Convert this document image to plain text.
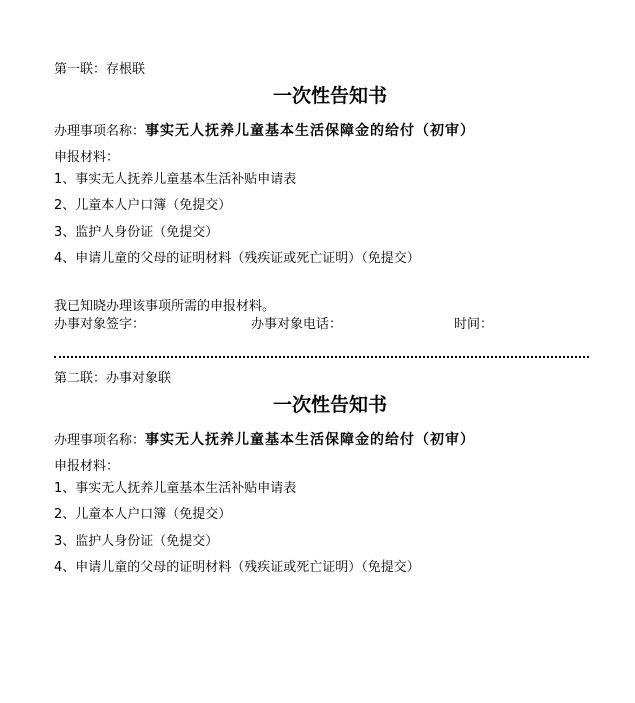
第一联：存根联
一次性告知书
办理事项名称：事实无人抚养儿童基本生活保障金的给付（初审）
申报材料：
1、事实无人抚养儿童基本生活补贴申请表
2、儿童本人户口簿（免提交）
3、监护人身份证（免提交）
4、申请儿童的父母的证明材料（残疾证或死亡证明）（免提交）
我已知晓办理该事项所需的申报材料。
办事对象签字：	办事对象电话：	时间：
第二联：办事对象联
一次性告知书
办理事项名称：事实无人抚养儿童基本生活保障金的给付（初审）
申报材料：
1、事实无人抚养儿童基本生活补贴申请表
2、儿童本人户口簿（免提交）
3、监护人身份证（免提交）
4、申请儿童的父母的证明材料（残疾证或死亡证明）（免提交）
